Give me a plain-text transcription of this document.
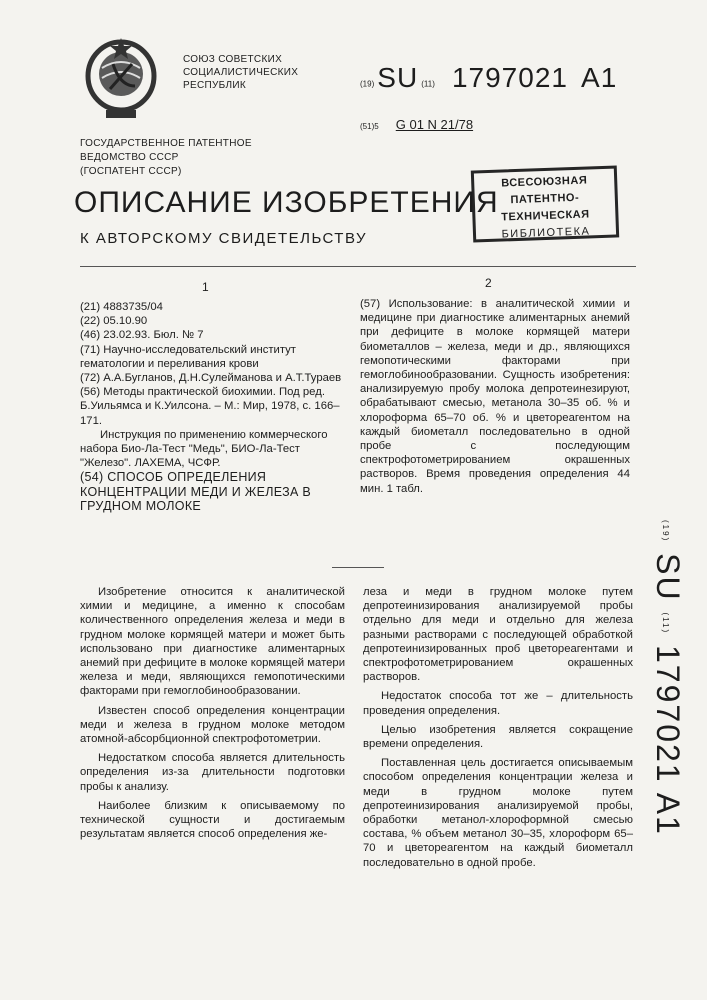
СОЮЗ СОВЕТСКИХ
СОЦИАЛИСТИЧЕСКИХ
РЕСПУБЛИК	(19) SU (11) 1797021 A1
(51)5 G 01 N 21/78
ГОСУДАРСТВЕННОЕ ПАТЕНТНОЕ
ВЕДОМСТВО СССР
(ГОСПАТЕНТ СССР)
ВСЕСОЮЗНАЯ
ПАТЕНТНО-ТЕХНИЧЕСКАЯ
БИБЛИОТЕКА
ОПИСАНИЕ ИЗОБРЕТЕНИЯ
К АВТОРСКОМУ СВИДЕТЕЛЬСТВУ
1	2

(21) 4883735/04

(22) 05.10.90

(46) 23.02.93. Бюл. № 7

(71) Научно-исследовательский институт гематологии и переливания крови

(72) А.А.Бугланов, Д.Н.Сулейманова и А.Т.Тураев

(56) Методы практической биохимии. Под ред. Б.Уильямса и К.Уилсона. – М.: Мир, 1978, с. 166–171.

Инструкция по применению коммерческого набора Био-Ла-Тест "Медь", БИО-Ла-Тест "Железо". ЛАХЕМА, ЧСФР.

(54) СПОСОБ ОПРЕДЕЛЕНИЯ КОНЦЕНТРАЦИИ МЕДИ И ЖЕЛЕЗА В ГРУДНОМ МОЛОКЕ

(57) Использование: в аналитической химии и медицине при диагностике алиментарных анемий при дефиците в молоке кормящей матери биометаллов – железа, меди и др., являющихся гемопотическими факторами при гемоглобинообразовании. Сущность изобретения: анализируемую пробу молока депротеинезируют, обрабатывают смесью, метанола 30–35 об. % и хлороформа 65–70 об. % и цветореагентом на каждый биометалл последовательно в одной пробе с последующим спектрофотометрированием окрашенных растворов. Время проведения определения 44 мин. 1 табл.

Изобретение относится к аналитической химии и медицине, а именно к способам количественного определения железа и меди в грудном молоке кормящей матери и может быть использовано при диагностике алиментарных анемий при дефиците в молоке кормящей матери железа и меди, являющихся гемопотическими факторами при гемоглобинообразовании.

Известен способ определения концентрации меди и железа в грудном молоке методом атомной-абсорбционной спектрофотометрии.

Недостатком способа является длительность определения из-за длительности подготовки пробы к анализу.

Наиболее близким к описываемому по технической сущности и достигаемым результатам является способ определения же-

леза и меди в грудном молоке путем депротеинизирования анализируемой пробы отдельно для меди и отдельно для железа разными растворами с последующей обработкой депротеинизированных проб цветореагентами и спектрофотометрированием окрашенных растворов.

Недостаток способа тот же – длительность проведения определения.

Целью изобретения является сокращение времени определения.

Поставленная цель достигается описываемым способом определения концентрации железа и меди в грудном молоке путем депротеинизирования анализируемой пробы, обработки метанол-хлороформной смесью состава, % объем метанол 30–35, хлороформ 65–70 и цветореагентом на каждый биометалл последовательно в одной пробе.

(19) SU (11) 1797021 A1
